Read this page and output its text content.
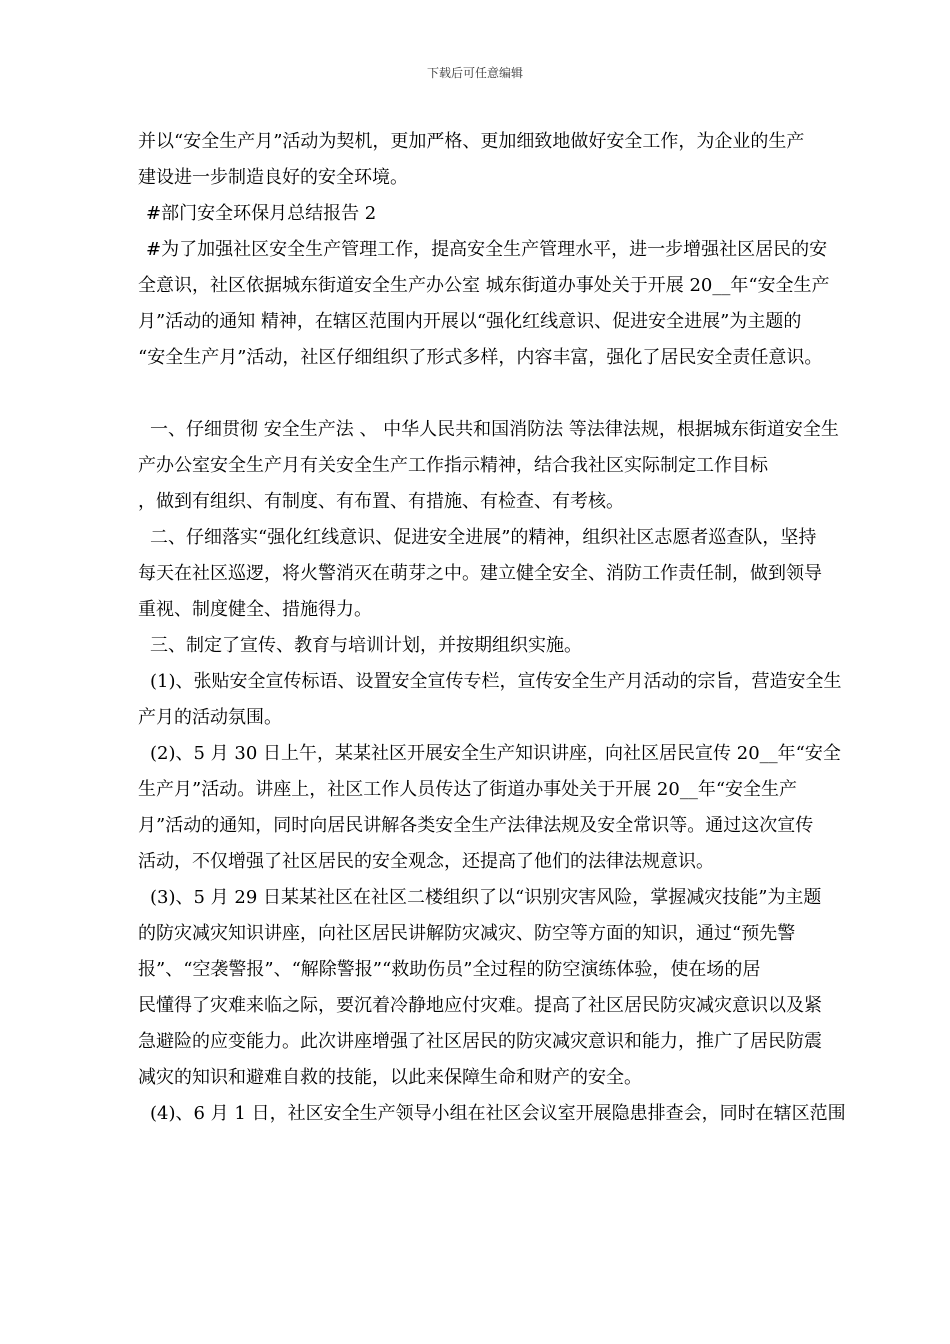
下载后可任意编辑
并以“安全生产月”活动为契机，更加严格、更加细致地做好安全工作，为企业的生产
建设进一步制造良好的安全环境。
#部门安全环保月总结报告 2
#为了加强社区安全生产管理工作，提高安全生产管理水平，进一步增强社区居民的安
全意识，社区依据城东街道安全生产办公室 城东街道办事处关于开展 20__年“安全生产
月”活动的通知 精神，在辖区范围内开展以“强化红线意识、促进安全进展”为主题的
“安全生产月”活动，社区仔细组织了形式多样，内容丰富，强化了居民安全责任意识。
一、仔细贯彻 安全生产法 、 中华人民共和国消防法 等法律法规，根据城东街道安全生
产办公室安全生产月有关安全生产工作指示精神，结合我社区实际制定工作目标
，做到有组织、有制度、有布置、有措施、有检查、有考核。
二、仔细落实“强化红线意识、促进安全进展”的精神，组织社区志愿者巡查队，坚持
每天在社区巡逻，将火警消灭在萌芽之中。建立健全安全、消防工作责任制，做到领导
重视、制度健全、措施得力。
三、制定了宣传、教育与培训计划，并按期组织实施。
(1)、张贴安全宣传标语、设置安全宣传专栏，宣传安全生产月活动的宗旨，营造安全生
产月的活动氛围。
(2)、5 月 30 日上午，某某社区开展安全生产知识讲座，向社区居民宣传 20__年“安全
生产月”活动。讲座上，社区工作人员传达了街道办事处关于开展 20__年“安全生产
月”活动的通知，同时向居民讲解各类安全生产法律法规及安全常识等。通过这次宣传
活动，不仅增强了社区居民的安全观念，还提高了他们的法律法规意识。
(3)、5 月 29 日某某社区在社区二楼组织了以“识别灾害风险，掌握减灾技能”为主题
的防灾减灾知识讲座，向社区居民讲解防灾减灾、防空等方面的知识，通过“预先警
报”、“空袭警报”、“解除警报”“救助伤员”全过程的防空演练体验，使在场的居
民懂得了灾难来临之际，要沉着冷静地应付灾难。提高了社区居民防灾减灾意识以及紧
急避险的应变能力。此次讲座增强了社区居民的防灾减灾意识和能力，推广了居民防震
减灾的知识和避难自救的技能，以此来保障生命和财产的安全。
(4)、6 月 1 日，社区安全生产领导小组在社区会议室开展隐患排查会，同时在辖区范围
